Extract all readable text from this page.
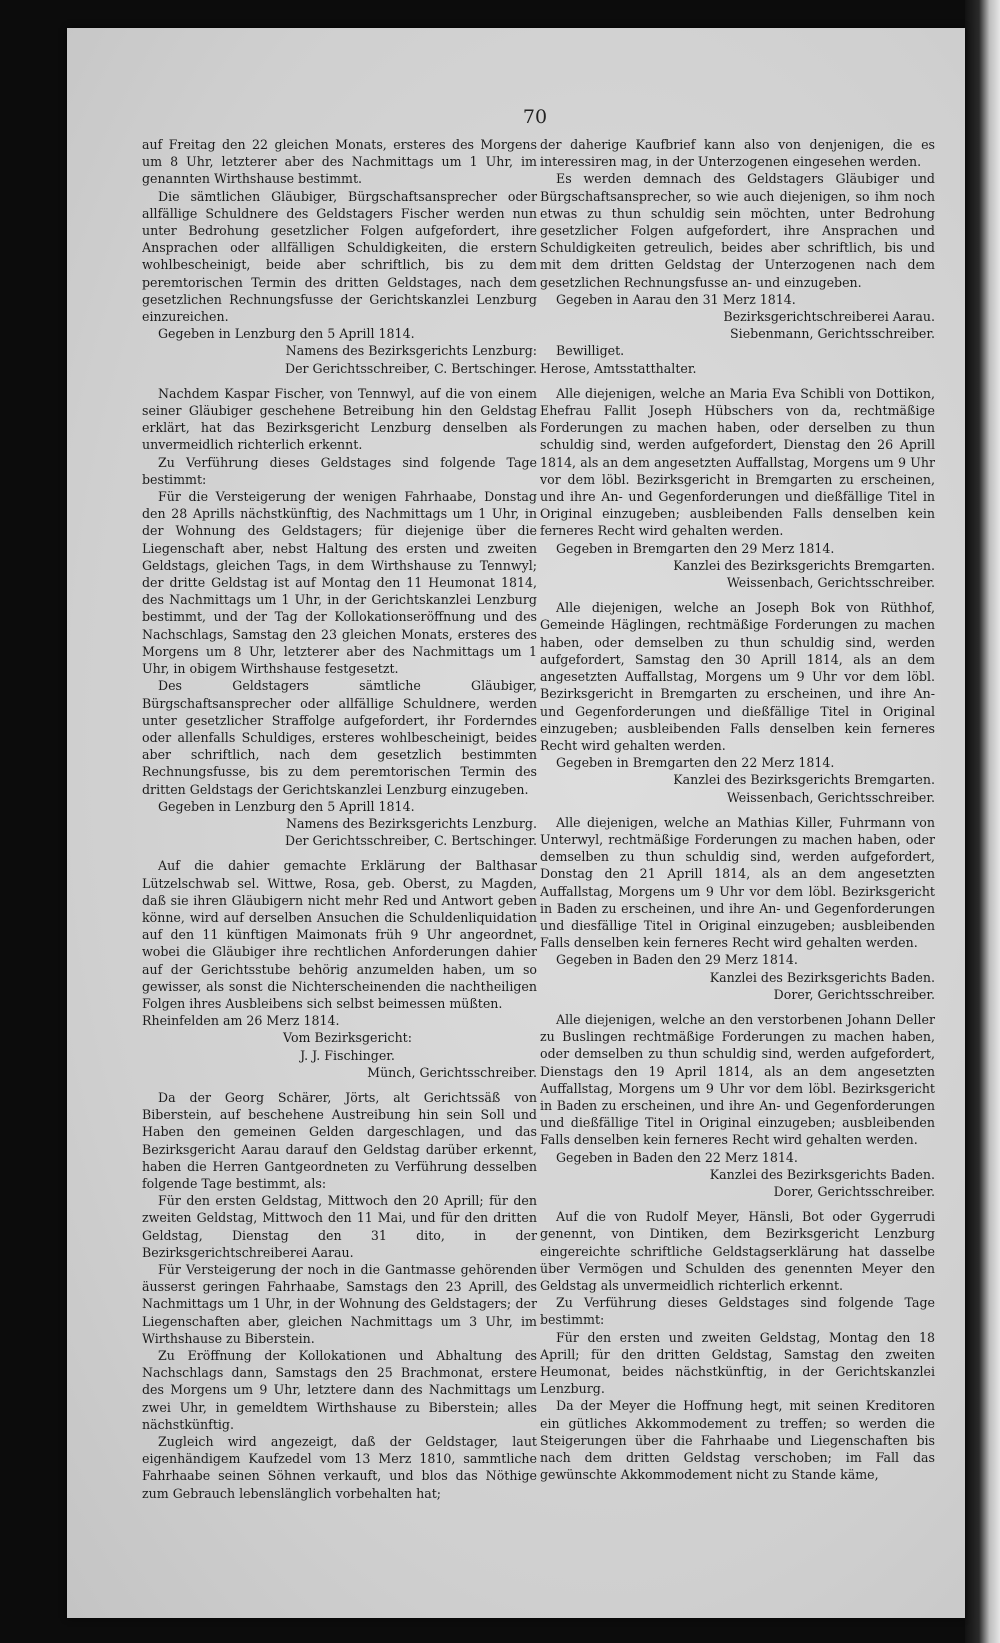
70

auf Freitag den 22 gleichen Monats, ersteres des Morgens um 8 Uhr, letzterer aber des Nachmittags um 1 Uhr, im genannten Wirthshause bestimmt.

Die sämtlichen Gläubiger, Bürgschaftsansprecher oder allfällige Schuldnere des Geldstagers Fischer werden nun unter Bedrohung gesetzlicher Folgen aufgefordert, ihre Ansprachen oder allfälligen Schuldigkeiten, die erstern wohlbescheinigt, beide aber schriftlich, bis zu dem peremtorischen Termin des dritten Geldstages, nach dem gesetzlichen Rechnungsfusse der Gerichtskanzlei Lenzburg einzureichen.

Gegeben in Lenzburg den 5 Aprill 1814.

Namens des Bezirksgerichts Lenzburg:

Der Gerichtsschreiber, C. Bertschinger.

Nachdem Kaspar Fischer, von Tennwyl, auf die von einem seiner Gläubiger geschehene Betreibung hin den Geldstag erklärt, hat das Bezirksgericht Lenzburg denselben als unvermeidlich richterlich erkennt.

Zu Verführung dieses Geldstages sind folgende Tage bestimmt:

Für die Versteigerung der wenigen Fahrhaabe, Donstag den 28 Aprills nächstkünftig, des Nachmittags um 1 Uhr, in der Wohnung des Geldstagers; für diejenige über die Liegenschaft aber, nebst Haltung des ersten und zweiten Geldstags, gleichen Tags, in dem Wirthshause zu Tennwyl; der dritte Geldstag ist auf Montag den 11 Heumonat 1814, des Nachmittags um 1 Uhr, in der Gerichtskanzlei Lenzburg bestimmt, und der Tag der Kollokationseröffnung und des Nachschlags, Samstag den 23 gleichen Monats, ersteres des Morgens um 8 Uhr, letzterer aber des Nachmittags um 1 Uhr, in obigem Wirthshause festgesetzt.

Des Geldstagers sämtliche Gläubiger, Bürgschaftsansprecher oder allfällige Schuldnere, werden unter gesetzlicher Straffolge aufgefordert, ihr Forderndes oder allenfalls Schuldiges, ersteres wohlbescheinigt, beides aber schriftlich, nach dem gesetzlich bestimmten Rechnungsfusse, bis zu dem peremtorischen Termin des dritten Geldstags der Gerichtskanzlei Lenzburg einzugeben.

Gegeben in Lenzburg den 5 Aprill 1814.

Namens des Bezirksgerichts Lenzburg.

Der Gerichtsschreiber, C. Bertschinger.

Auf die dahier gemachte Erklärung der Balthasar Lützelschwab sel. Wittwe, Rosa, geb. Oberst, zu Magden, daß sie ihren Gläubigern nicht mehr Red und Antwort geben könne, wird auf derselben Ansuchen die Schuldenliquidation auf den 11 künftigen Maimonats früh 9 Uhr angeordnet, wobei die Gläubiger ihre rechtlichen Anforderungen dahier auf der Gerichtsstube behörig anzumelden haben, um so gewisser, als sonst die Nichterscheinenden die nachtheiligen Folgen ihres Ausbleibens sich selbst beimessen müßten.

Rheinfelden am 26 Merz 1814.

Vom Bezirksgericht:

J. J. Fischinger.

Münch, Gerichtsschreiber.

Da der Georg Schärer, Jörts, alt Gerichtssäß von Biberstein, auf beschehene Austreibung hin sein Soll und Haben den gemeinen Gelden dargeschlagen, und das Bezirksgericht Aarau darauf den Geldstag darüber erkennt, haben die Herren Gantgeordneten zu Verführung desselben folgende Tage bestimmt, als:

Für den ersten Geldstag, Mittwoch den 20 Aprill; für den zweiten Geldstag, Mittwoch den 11 Mai, und für den dritten Geldstag, Dienstag den 31 dito, in der Bezirksgerichtschreiberei Aarau.

Für Versteigerung der noch in die Gantmasse gehörenden äusserst geringen Fahrhaabe, Samstags den 23 Aprill, des Nachmittags um 1 Uhr, in der Wohnung des Geldstagers; der Liegenschaften aber, gleichen Nachmittags um 3 Uhr, im Wirthshause zu Biberstein.

Zu Eröffnung der Kollokationen und Abhaltung des Nachschlags dann, Samstags den 25 Brachmonat, erstere des Morgens um 9 Uhr, letztere dann des Nachmittags um zwei Uhr, in gemeldtem Wirthshause zu Biberstein; alles nächstkünftig.

Zugleich wird angezeigt, daß der Geldstager, laut eigenhändigem Kaufzedel vom 13 Merz 1810, sammtliche Fahrhaabe seinen Söhnen verkauft, und blos das Nöthige zum Gebrauch lebenslänglich vorbehalten hat;

der daherige Kaufbrief kann also von denjenigen, die es interessiren mag, in der Unterzogenen eingesehen werden.

Es werden demnach des Geldstagers Gläubiger und Bürgschaftsansprecher, so wie auch diejenigen, so ihm noch etwas zu thun schuldig sein möchten, unter Bedrohung gesetzlicher Folgen aufgefordert, ihre Ansprachen und Schuldigkeiten getreulich, beides aber schriftlich, bis und mit dem dritten Geldstag der Unterzogenen nach dem gesetzlichen Rechnungsfusse an- und einzugeben.

Gegeben in Aarau den 31 Merz 1814.

Bezirksgerichtschreiberei Aarau.

Siebenmann, Gerichtsschreiber.

Bewilliget.

Herose, Amtsstatthalter.

Alle diejenigen, welche an Maria Eva Schibli von Dottikon, Ehefrau Fallit Joseph Hübschers von da, rechtmäßige Forderungen zu machen haben, oder derselben zu thun schuldig sind, werden aufgefordert, Dienstag den 26 Aprill 1814, als an dem angesetzten Auffallstag, Morgens um 9 Uhr vor dem löbl. Bezirksgericht in Bremgarten zu erscheinen, und ihre An- und Gegenforderungen und dießfällige Titel in Original einzugeben; ausbleibenden Falls denselben kein ferneres Recht wird gehalten werden.

Gegeben in Bremgarten den 29 Merz 1814.

Kanzlei des Bezirksgerichts Bremgarten.

Weissenbach, Gerichtsschreiber.

Alle diejenigen, welche an Joseph Bok von Rüthhof, Gemeinde Häglingen, rechtmäßige Forderungen zu machen haben, oder demselben zu thun schuldig sind, werden aufgefordert, Samstag den 30 Aprill 1814, als an dem angesetzten Auffallstag, Morgens um 9 Uhr vor dem löbl. Bezirksgericht in Bremgarten zu erscheinen, und ihre An- und Gegenforderungen und dießfällige Titel in Original einzugeben; ausbleibenden Falls denselben kein ferneres Recht wird gehalten werden.

Gegeben in Bremgarten den 22 Merz 1814.

Kanzlei des Bezirksgerichts Bremgarten.

Weissenbach, Gerichtsschreiber.

Alle diejenigen, welche an Mathias Killer, Fuhrmann von Unterwyl, rechtmäßige Forderungen zu machen haben, oder demselben zu thun schuldig sind, werden aufgefordert, Donstag den 21 Aprill 1814, als an dem angesetzten Auffallstag, Morgens um 9 Uhr vor dem löbl. Bezirksgericht in Baden zu erscheinen, und ihre An- und Gegenforderungen und diesfällige Titel in Original einzugeben; ausbleibenden Falls denselben kein ferneres Recht wird gehalten werden.

Gegeben in Baden den 29 Merz 1814.

Kanzlei des Bezirksgerichts Baden.

Dorer, Gerichtsschreiber.

Alle diejenigen, welche an den verstorbenen Johann Deller zu Buslingen rechtmäßige Forderungen zu machen haben, oder demselben zu thun schuldig sind, werden aufgefordert, Dienstags den 19 April 1814, als an dem angesetzten Auffallstag, Morgens um 9 Uhr vor dem löbl. Bezirksgericht in Baden zu erscheinen, und ihre An- und Gegenforderungen und dießfällige Titel in Original einzugeben; ausbleibenden Falls denselben kein ferneres Recht wird gehalten werden.

Gegeben in Baden den 22 Merz 1814.

Kanzlei des Bezirksgerichts Baden.

Dorer, Gerichtsschreiber.

Auf die von Rudolf Meyer, Hänsli, Bot oder Gygerrudi genennt, von Dintiken, dem Bezirksgericht Lenzburg eingereichte schriftliche Geldstagserklärung hat dasselbe über Vermögen und Schulden des genennten Meyer den Geldstag als unvermeidlich richterlich erkennt.

Zu Verführung dieses Geldstages sind folgende Tage bestimmt:

Für den ersten und zweiten Geldstag, Montag den 18 Aprill; für den dritten Geldstag, Samstag den zweiten Heumonat, beides nächstkünftig, in der Gerichtskanzlei Lenzburg.

Da der Meyer die Hoffnung hegt, mit seinen Kreditoren ein gütliches Akkommodement zu treffen; so werden die Steigerungen über die Fahrhaabe und Liegenschaften bis nach dem dritten Geldstag verschoben; im Fall das gewünschte Akkommodement nicht zu Stande käme,
